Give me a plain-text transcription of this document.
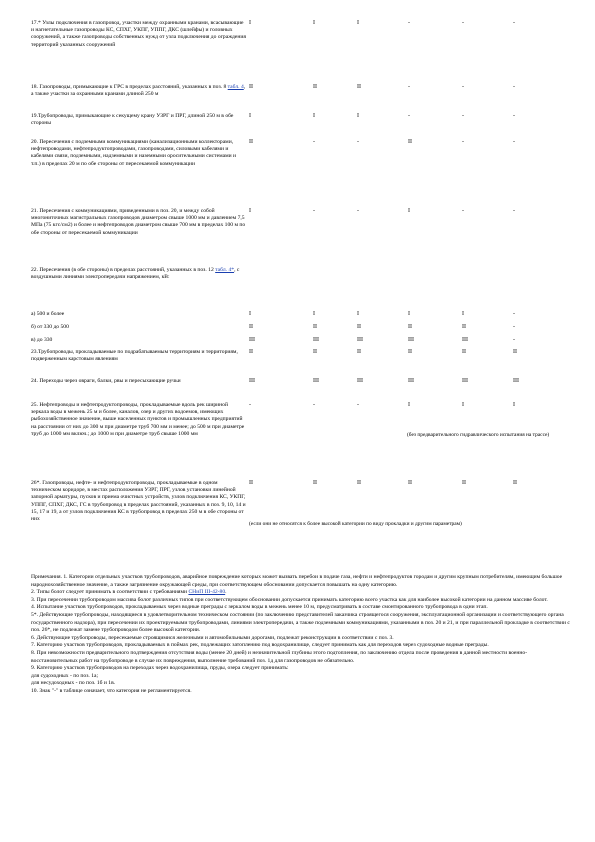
17.* Узлы подключения в газопровод, участки между охранными кранами, всасывающие и нагнетательные газопроводы КС, СПХГ, УКПГ, УППГ, ДКС (шлейфы) и головных сооружений, а также газопроводы собственных нужд от узла подключения до ограждения территорий указанных сооружений
I	I	I	-	-	-
18. Газопроводы, примыкающие к ГРС в пределах расстояний, указанных в поз. 8 табл. 4, а также участки за охранными кранами длиной 250 м
II	II	II	-	-	-
19.Трубопроводы, примыкающие к секущему крану УЗРГ и ПРГ, длиной 250 м в обе стороны
I	I	I	-	-	-
20. Пересечения с подземными коммуникациями (канализационными коллекторами, нефтепроводами, нефтепродуктопроводами, газопроводами, силовыми кабелями и кабелями связи, подземными, надземными и наземными оросительными системами и т.п.) в пределах 20 м по обе стороны от пересекаемой коммуникации
II	-	-	II	-	-
21. Пересечения с коммуникациями, приведенными в поз. 20, и между собой многониточных магистральных газопроводов диаметром свыше 1000 мм и давлением 7,5 МПа (75 кгс/см2) и более и нефтепроводов диаметром свыше 700 мм в пределах 100 м по обе стороны от пересекаемой коммуникации
I	-	-	I	-	-
22. Пересечения (в обе стороны) в пределах расстояний, указанных в поз. 12 табл. 4*, с воздушными линиями электропередачи напряжением, кВ:
а) 500 и более	I	I	I	I	I	-
б) от 330 до 500	II	II	II	II	II	-
в) до 330	III	III	III	III	III	-
23.Трубопроводы, прокладываемые по подрабатываемым территориям и территориям, подверженным карстовым явлениям
II	II	II	II	II	II
24. Переходы через овраги, балки, рвы и пересыхающие ручьи	III	III	III	III	III	III
25. Нефтепроводы и нефтепродуктопроводы, прокладываемые вдоль рек шириной зеркала воды в межень 25 м и более, каналов, озер и других водоемов, имеющих рыбохозяйственное значение, выше населенных пунктов и промышленных предприятий на расстоянии от них до 300 м при диаметре труб 700 мм и менее; до 500 м при диаметре труб до 1000 мм включ.; до 1000 м при диаметре труб свыше 1000 мм
-	-	-	I	I	I
26*. Газопроводы, нефте- и нефтепродуктопроводы, прокладываемые в одном техническом коридоре, в местах расположения УЗРГ, ПРГ, узлов установки линейной запорной арматуры, пусков и приема очистных устройств, узлов подключения КС, УКПГ, УППГ, СПХГ, ДКС, ГС в трубопровод в пределах расстояний, указанных в поз. 9, 10, 14 и 15, 17 и 19, а от узлов подключения КС в трубопровод в пределах 250 м в обе стороны от них
II	II	II	II	II	II

Примечания. 1. Категории отдельных участков трубопроводов, аварийное повреждение которых может вызвать перебои в подаче газа, нефти и нефтепродуктов городам и другим крупным потребителям, имеющим большое народнохозяйственное значение, а также загрязнение окружающей среды, при соответствующем обосновании допускается повышать на одну категорию.

2. Типы болот следует принимать в соответствии с требованиями СНиП III-42-80.

3. При пересечении трубопроводом массива болот различных типов при соответствующем обосновании допускается принимать категорию всего участка как для наиболее высокой категории на данном массиве болот.

4. Испытание участков трубопроводов, прокладываемых через водные преграды с зеркалом воды в межень менее 10 м, предусматривать в составе смонтированного трубопровода в одни этап.

5*. Действующие трубопроводы, находящиеся в удовлетворительном техническом состоянии (по заключению представителей заказчика строящегося сооружения, эксплуатационной организации и соответствующего органа государственного надзора), при пересечении их проектируемыми трубопроводами, линиями электропередачи, а также подземными коммуникациями, указанными в поз. 20 и 21, и при параллельной прокладке в соответствии с поз. 26*, не подлежат замене трубопроводом более высокой категории.

6. Действующие трубопроводы, пересекаемые строящимися железными и автомобильными дорогами, подлежат реконструкции в соответствии с поз. 3.

7. Категорию участков трубопроводов, прокладываемых в поймах рек, подлежащих затоплению под водохранилище, следует принимать как для переходов через судоходные водные преграды.

8. При невозможности предварительного подтверждения отсутствия воды (менее 20 дней) и незначительной глубины этого подтопления, по заключению отдела после проведения в данной местности военно-восстановительных работ на трубопроводе в случае их повреждения, выполнение требований поз. 1д для газопроводов не обязательно.

9. Категорию участков трубопроводов на переходах через водохранилища, пруды, озера следует принимать:

для судоходных - по поз. 1а;

для несудоходных - по поз. 1б и 1в.

10. Знак "-" в таблице означает, что категория не регламентируется.

(без предварительного гидравлического испытания на трассе)
(если они не относятся к более высокой категории по виду прокладки и другим параметрам)
